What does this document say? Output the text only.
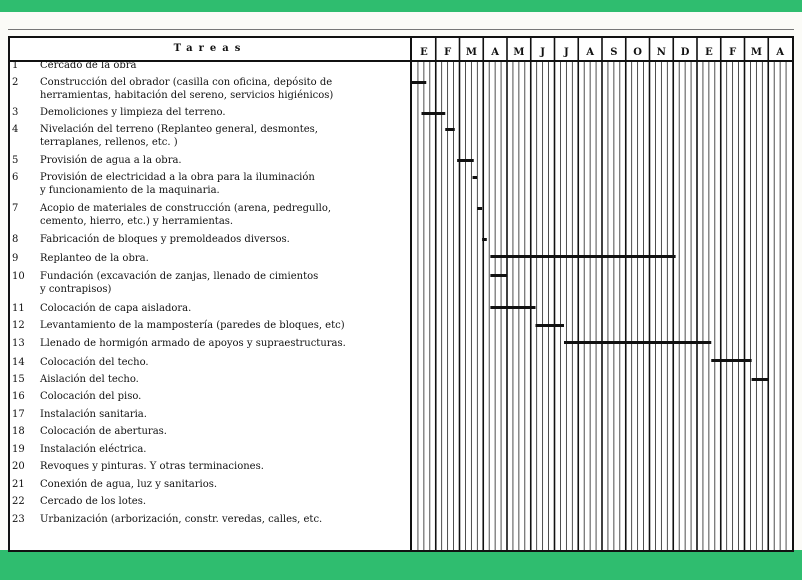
Tareas
1	Cercado de la obra
2	Construcción del obrador (casilla con oficina, depósito de
herramientas, habitación del sereno, servicios higiénicos)
3	Demoliciones y limpieza del terreno.
4	Nivelación del terreno (Replanteo general, desmontes,
terraplanes, rellenos, etc. )
5	Provisión de agua a la obra.
6	Provisión de electricidad a la obra para la iluminación
y funcionamiento de la maquinaria.
7	Acopio de materiales de construcción (arena, pedregullo,
cemento, hierro, etc.) y herramientas.
8	Fabricación de bloques y premoldeados diversos.
9	Replanteo de la obra.
10	Fundación (excavación de zanjas, llenado de cimientos
y contrapisos)
11	Colocación de capa aisladora.
12	Levantamiento de la mampostería (paredes de bloques, etc)
13	Llenado de hormigón armado de apoyos y supraestructuras.
14	Colocación del techo.
15	Aislación del techo.
16	Colocación del piso.
17	Instalación sanitaria.
18	Colocación de aberturas.
19	Instalación eléctrica.
20	Revoques y pinturas. Y otras terminaciones.
21	Conexión de agua, luz y sanitarios.
22	Cercado de los lotes.
23	Urbanización (arborización, constr. veredas, calles, etc.
E F M A M J J A S O N D E F M A
